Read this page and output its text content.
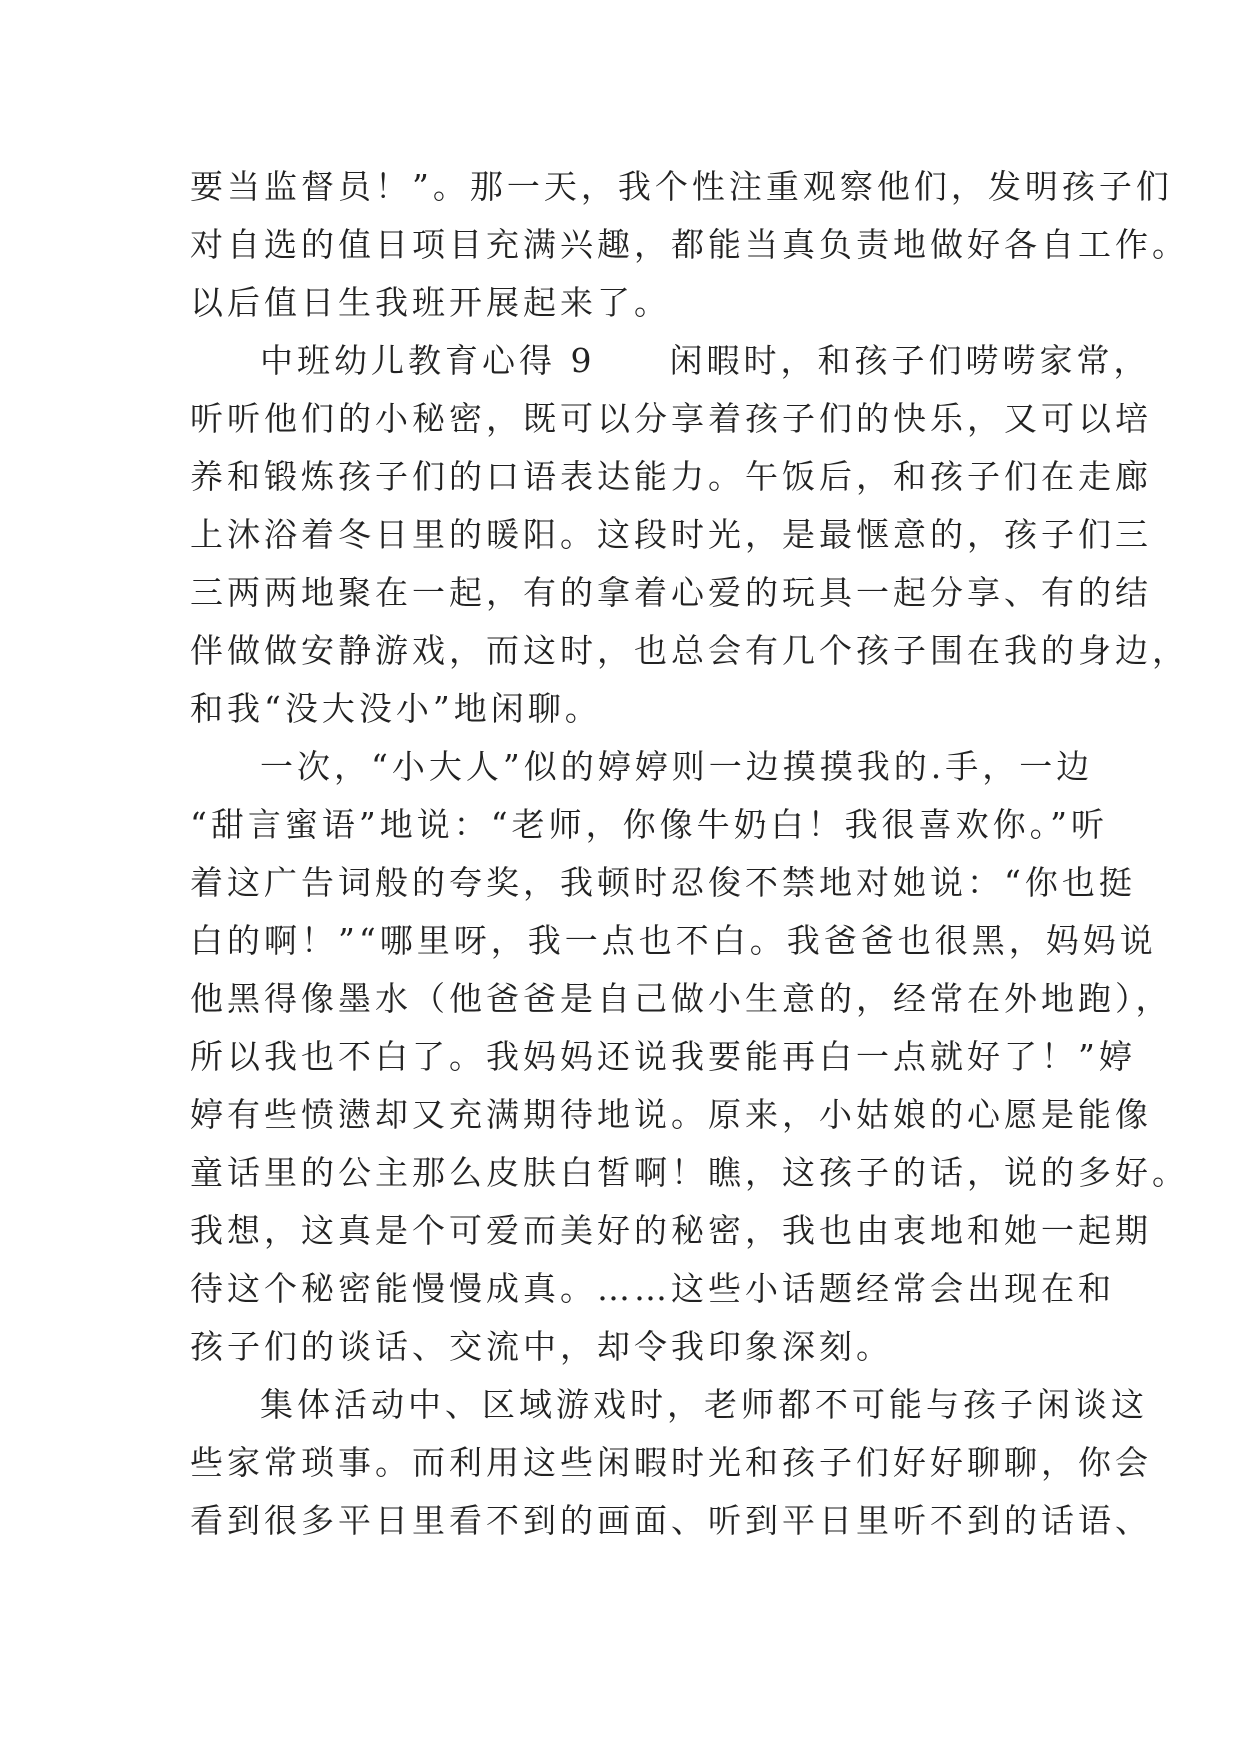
要当监督员！”。那一天，我个性注重观察他们，发明孩子们

对自选的值日项目充满兴趣，都能当真负责地做好各自工作。

以后值日生我班开展起来了。

中班幼儿教育心得 9　　闲暇时，和孩子们唠唠家常，

听听他们的小秘密，既可以分享着孩子们的快乐，又可以培

养和锻炼孩子们的口语表达能力。午饭后，和孩子们在走廊

上沐浴着冬日里的暖阳。这段时光，是最惬意的，孩子们三

三两两地聚在一起，有的拿着心爱的玩具一起分享、有的结

伴做做安静游戏，而这时，也总会有几个孩子围在我的身边，

和我“没大没小”地闲聊。

一次，“小大人”似的婷婷则一边摸摸我的.手，一边

“甜言蜜语”地说：“老师，你像牛奶白！我很喜欢你。”听

着这广告词般的夸奖，我顿时忍俊不禁地对她说：“你也挺

白的啊！”“哪里呀，我一点也不白。我爸爸也很黑，妈妈说

他黑得像墨水（他爸爸是自己做小生意的，经常在外地跑），

所以我也不白了。我妈妈还说我要能再白一点就好了！”婷

婷有些愤懑却又充满期待地说。原来，小姑娘的心愿是能像

童话里的公主那么皮肤白皙啊！瞧，这孩子的话，说的多好。

我想，这真是个可爱而美好的秘密，我也由衷地和她一起期

待这个秘密能慢慢成真。……这些小话题经常会出现在和

孩子们的谈话、交流中，却令我印象深刻。

集体活动中、区域游戏时，老师都不可能与孩子闲谈这

些家常琐事。而利用这些闲暇时光和孩子们好好聊聊，你会

看到很多平日里看不到的画面、听到平日里听不到的话语、
